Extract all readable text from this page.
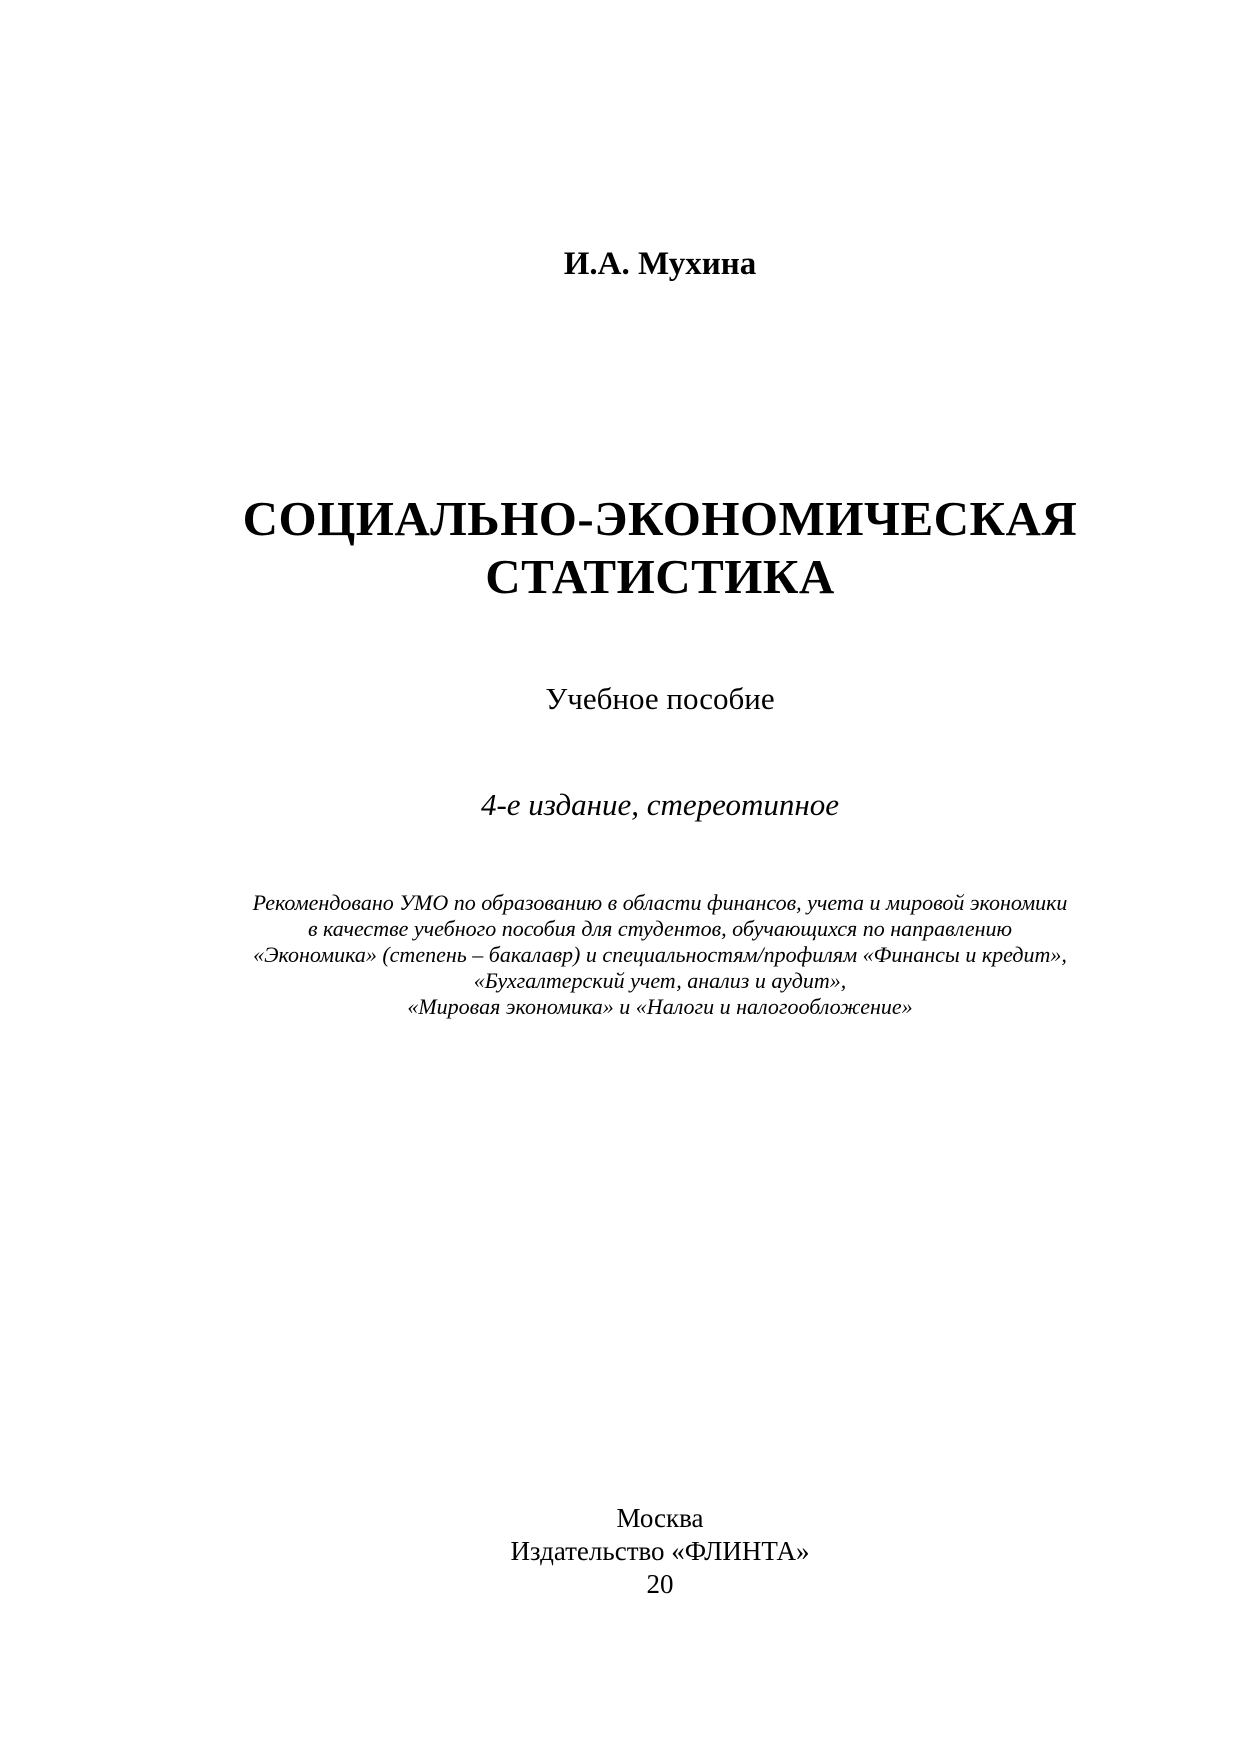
И.А. Мухина
СОЦИАЛЬНО-ЭКОНОМИЧЕСКАЯ
СТАТИСТИКА
Учебное пособие
4-е издание, стереотипное
Рекомендовано УМО по образованию в области финансов, учета и мировой экономики
в качестве учебного пособия для студентов, обучающихся по направлению
«Экономика» (степень – бакалавр) и специальностям/профилям «Финансы и кредит»,
«Бухгалтерский учет, анализ и аудит»,
«Мировая экономика» и «Налоги и налогообложение»
Москва
Издательство «ФЛИНТА»
20
